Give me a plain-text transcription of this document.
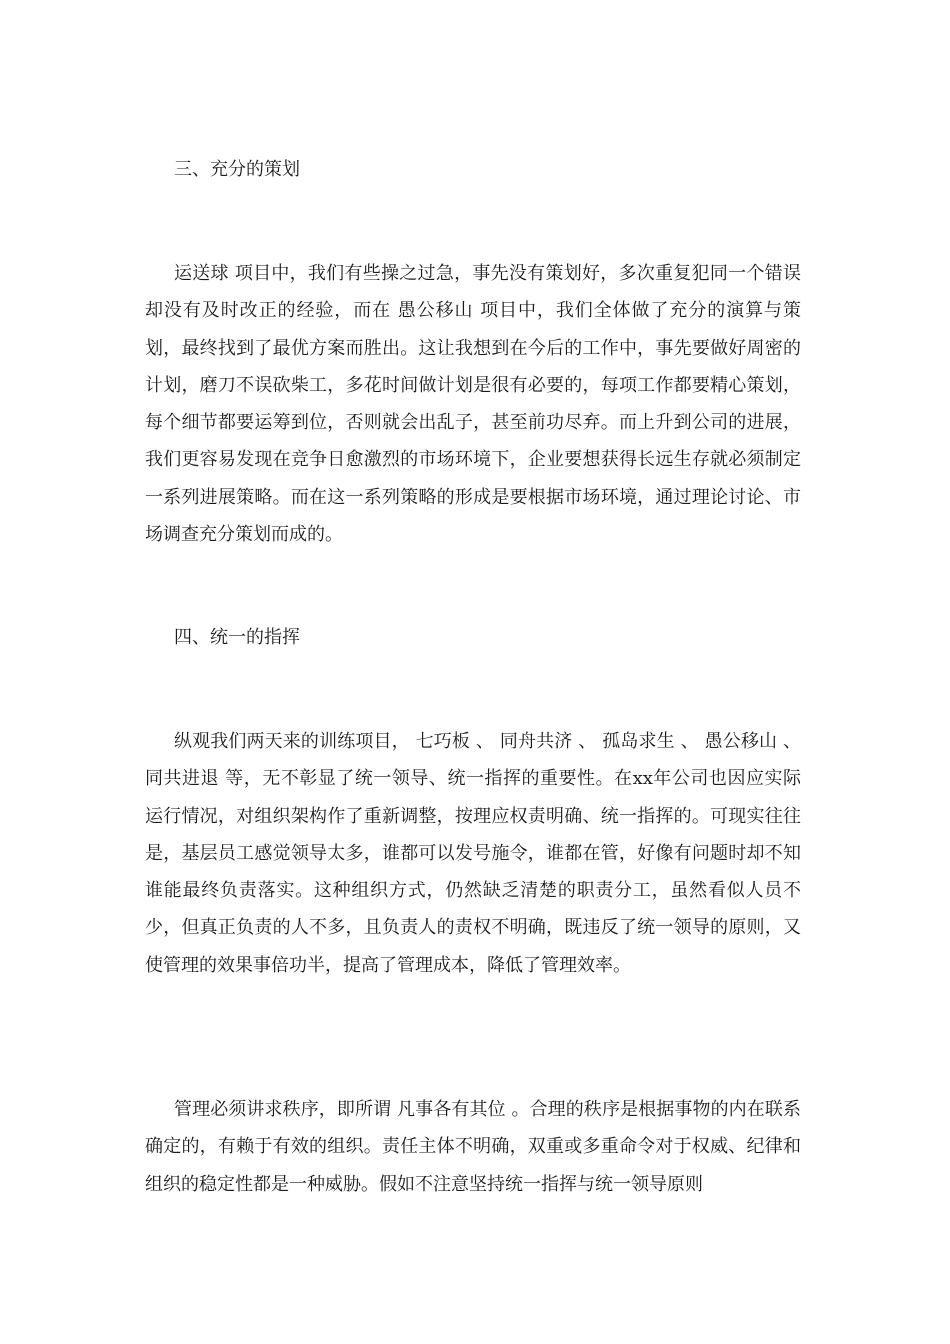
三、充分的策划

运送球 项目中，我们有些操之过急，事先没有策划好，多次重复犯同一个错误却没有及时改正的经验，而在 愚公移山 项目中，我们全体做了充分的演算与策划，最终找到了最优方案而胜出。这让我想到在今后的工作中，事先要做好周密的计划，磨刀不误砍柴工，多花时间做计划是很有必要的，每项工作都要精心策划，每个细节都要运筹到位，否则就会出乱子，甚至前功尽弃。而上升到公司的进展，我们更容易发现在竞争日愈激烈的市场环境下，企业要想获得长远生存就必须制定一系列进展策略。而在这一系列策略的形成是要根据市场环境，通过理论讨论、市场调查充分策划而成的。

四、统一的指挥

纵观我们两天来的训练项目， 七巧板 、 同舟共济 、 孤岛求生 、 愚公移山 、 同共进退 等，无不彰显了统一领导、统一指挥的重要性。在xx年公司也因应实际运行情况，对组织架构作了重新调整，按理应权责明确、统一指挥的。可现实往往是，基层员工感觉领导太多，谁都可以发号施令，谁都在管，好像有问题时却不知谁能最终负责落实。这种组织方式，仍然缺乏清楚的职责分工，虽然看似人员不少，但真正负责的人不多，且负责人的责权不明确，既违反了统一领导的原则，又使管理的效果事倍功半，提高了管理成本，降低了管理效率。

管理必须讲求秩序，即所谓 凡事各有其位 。合理的秩序是根据事物的内在联系确定的，有赖于有效的组织。责任主体不明确，双重或多重命令对于权威、纪律和组织的稳定性都是一种威胁。假如不注意坚持统一指挥与统一领导原则
